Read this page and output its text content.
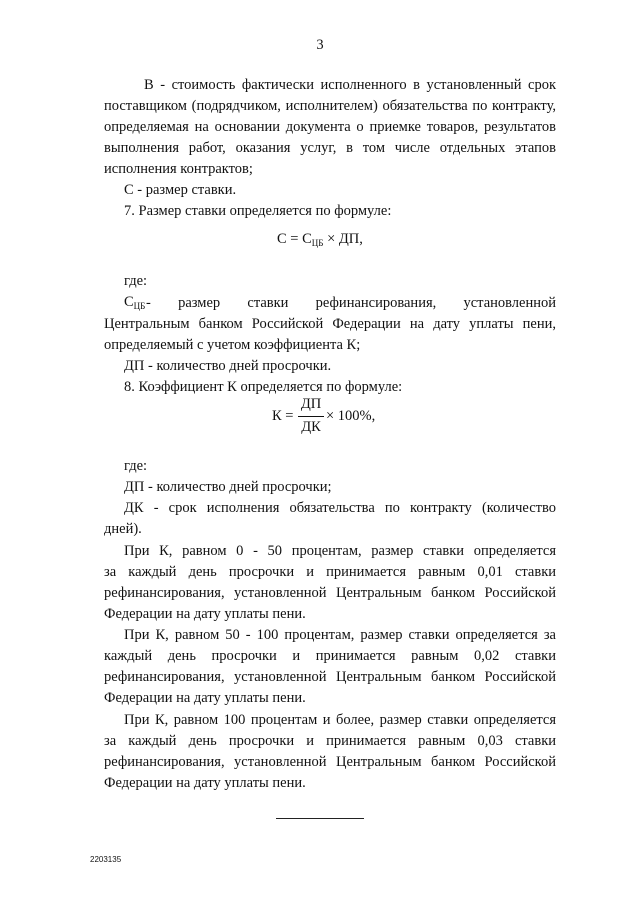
3
В - стоимость фактически исполненного в установленный срок
поставщиком (подрядчиком, исполнителем) обязательства по контракту,
определяемая на основании документа о приемке товаров, результатов
выполнения работ, оказания услуг, в том числе отдельных этапов
исполнения контрактов;
С - размер ставки.
7. Размер ставки определяется по формуле:
$С = С_{ЦБ}$ × ДП,
где:
- размер ставки рефинансирования, установленной
$С_{ЦБ}$
Центральным банком Российской Федерации на дату уплаты пени,
определяемый с учетом коэффициента К;
ДП - количество дней просрочки.
8. Коэффициент К определяется по формуле:
К =
ДП
ДК
× 100%,
где:
ДП - количество дней просрочки;
ДК - срок исполнения обязательства по контракту (количество
дней).
При К, равном 0 - 50 процентам, размер ставки определяется
за каждый день просрочки и принимается равным 0,01 ставки
рефинансирования, установленной Центральным банком Российской
Федерации на дату уплаты пени.
При К, равном 50 - 100 процентам, размер ставки определяется за
каждый день просрочки и принимается равным 0,02 ставки
рефинансирования, установленной Центральным банком Российской
Федерации на дату уплаты пени.
При К, равном 100 процентам и более, размер ставки определяется
за каждый день просрочки и принимается равным 0,03 ставки
рефинансирования, установленной Центральным банком Российской
Федерации на дату уплаты пени.
2203135
